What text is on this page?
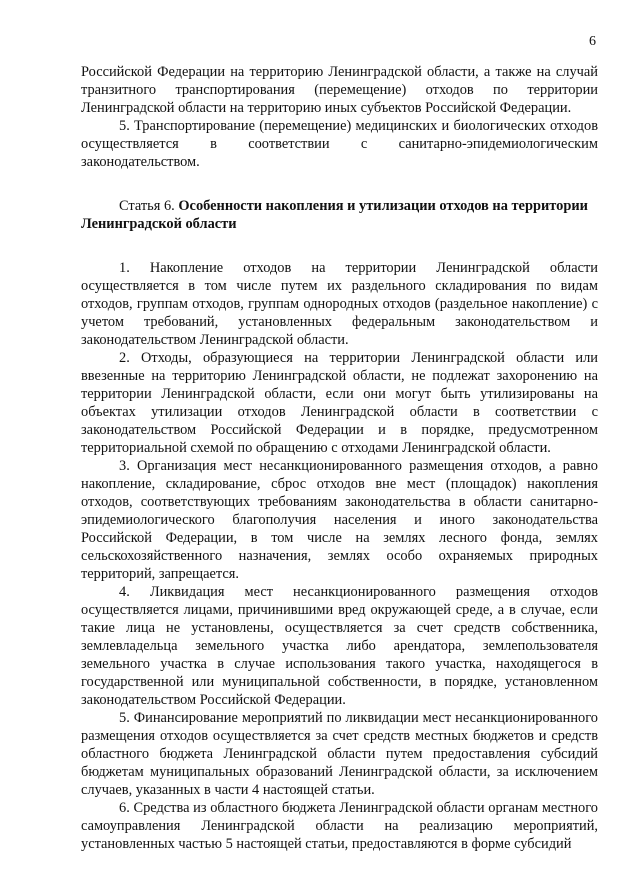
6

Российской Федерации на территорию Ленинградской области, а также на случай транзитного транспортирования (перемещение) отходов по территории Ленинградской области на территорию иных субъектов Российской Федерации.

5. Транспортирование (перемещение) медицинских и биологических отходов осуществляется в соответствии с санитарно-эпидемиологическим законодательством.

Статья 6. Особенности накопления и утилизации отходов на территории Ленинградской области

1. Накопление отходов на территории Ленинградской области осуществляется в том числе путем их раздельного складирования по видам отходов, группам отходов, группам однородных отходов (раздельное накопление) с учетом требований, установленных федеральным законодательством и законодательством Ленинградской области.

2. Отходы, образующиеся на территории Ленинградской области или ввезенные на территорию Ленинградской области, не подлежат захоронению на территории Ленинградской области, если они могут быть утилизированы на объектах утилизации отходов Ленинградской области в соответствии с законодательством Российской Федерации и в порядке, предусмотренном территориальной схемой по обращению с отходами Ленинградской области.

3. Организация мест несанкционированного размещения отходов, а равно накопление, складирование, сброс отходов вне мест (площадок) накопления отходов, соответствующих требованиям законодательства в области санитарно-эпидемиологического благополучия населения и иного законодательства Российской Федерации, в том числе на землях лесного фонда, землях сельскохозяйственного назначения, землях особо охраняемых природных территорий, запрещается.

4. Ликвидация мест несанкционированного размещения отходов осуществляется лицами, причинившими вред окружающей среде, а в случае, если такие лица не установлены, осуществляется за счет средств собственника, землевладельца земельного участка либо арендатора, землепользователя земельного участка в случае использования такого участка, находящегося в государственной или муниципальной собственности, в порядке, установленном законодательством Российской Федерации.

5. Финансирование мероприятий по ликвидации мест несанкционированного размещения отходов осуществляется за счет средств местных бюджетов и средств областного бюджета Ленинградской области путем предоставления субсидий бюджетам муниципальных образований Ленинградской области, за исключением случаев, указанных в части 4 настоящей статьи.

6. Средства из областного бюджета Ленинградской области органам местного самоуправления Ленинградской области на реализацию мероприятий, установленных частью 5 настоящей статьи, предоставляются в форме субсидий
